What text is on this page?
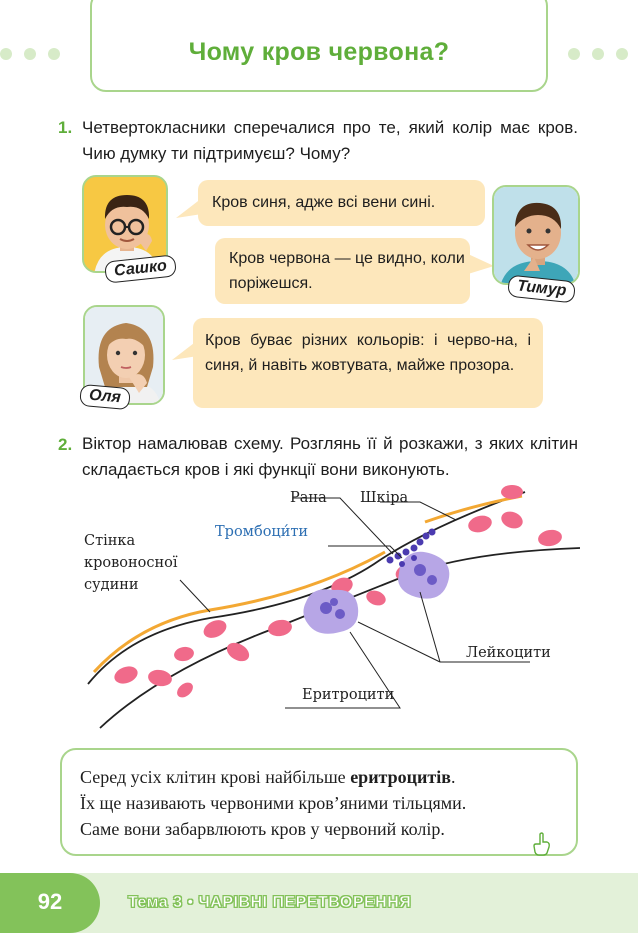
Чому кров червона?
1. Четвертокласники сперечалися про те, який колір має кров. Чию думку ти підтримуєш? Чому?
Сашко
Кров синя, адже всі вени сині.
Кров червона — це видно, коли поріжешся.	Тимур
Оля
Кров буває різних кольорів: і черво-на, і синя, й навіть жовтувата, майже прозора.
2. Віктор намалював схему. Розглянь її й розкажи, з яких клітин складається кров і які функції вони виконують.
Рана Шкіра
Тромбоци́ти
Стінка
кровоносної
судини
Лейкоцити
Еритроцити
Серед усіх клітин крові найбільше еритроцитів.
Їх ще називають червоними кров’яними тільцями.
Саме вони забарвлюють кров у червоний колір.
92	Тема 3 • ЧАРІВНІ ПЕРЕТВОРЕННЯ
